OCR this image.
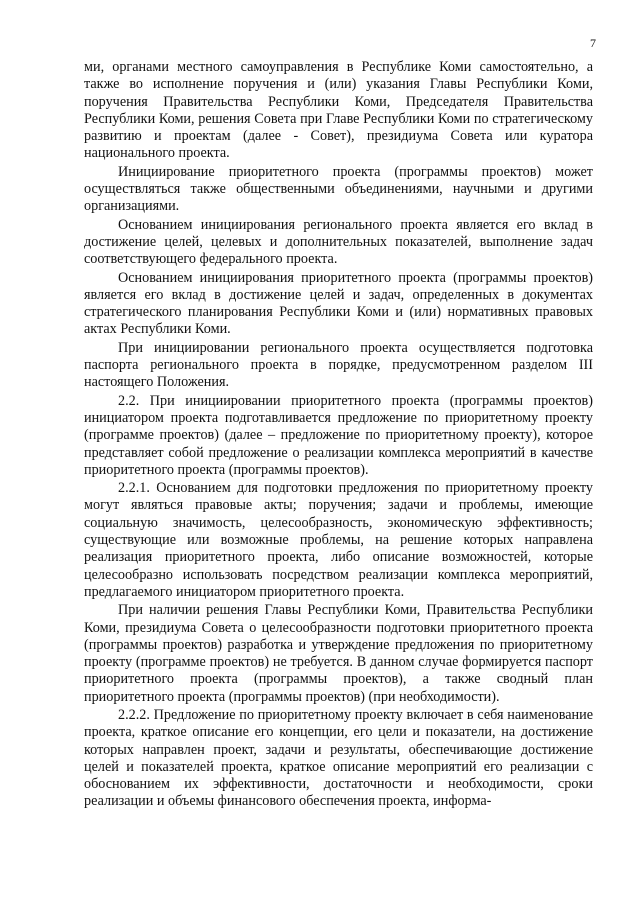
7

ми, органами местного самоуправления в Республике Коми самостоятельно, а также во исполнение поручения и (или) указания Главы Республики Коми, поручения Правительства Республики Коми, Председателя Правительства Республики Коми, решения Совета при Главе Республики Коми по стратегическому развитию и проектам (далее - Совет), президиума Совета или куратора национального проекта.

Инициирование приоритетного проекта (программы проектов) может осуществляться также общественными объединениями, научными и другими организациями.

Основанием инициирования регионального проекта является его вклад в достижение целей, целевых и дополнительных показателей, выполнение задач соответствующего федерального проекта.

Основанием инициирования приоритетного проекта (программы проектов) является его вклад в достижение целей и задач, определенных в документах стратегического планирования Республики Коми и (или) нормативных правовых актах Республики Коми.

При инициировании регионального проекта осуществляется подготовка паспорта регионального проекта в порядке, предусмотренном разделом III настоящего Положения.

2.2. При инициировании приоритетного проекта (программы проектов) инициатором проекта подготавливается предложение по приоритетному проекту (программе проектов) (далее – предложение по приоритетному проекту), которое представляет собой предложение о реализации комплекса мероприятий в качестве приоритетного проекта (программы проектов).

2.2.1. Основанием для подготовки предложения по приоритетному проекту могут являться правовые акты; поручения; задачи и проблемы, имеющие социальную значимость, целесообразность, экономическую эффективность; существующие или возможные проблемы, на решение которых направлена реализация приоритетного проекта, либо описание возможностей, которые целесообразно использовать посредством реализации комплекса мероприятий, предлагаемого инициатором приоритетного проекта.

При наличии решения Главы Республики Коми, Правительства Республики Коми, президиума Совета о целесообразности подготовки приоритетного проекта (программы проектов) разработка и утверждение предложения по приоритетному проекту (программе проектов) не требуется. В данном случае формируется паспорт приоритетного проекта (программы проектов), а также сводный план приоритетного проекта (программы проектов) (при необходимости).

2.2.2. Предложение по приоритетному проекту включает в себя наименование проекта, краткое описание его концепции, его цели и показатели, на достижение которых направлен проект, задачи и результаты, обеспечивающие достижение целей и показателей проекта, краткое описание мероприятий его реализации с обоснованием их эффективности, достаточности и необходимости, сроки реализации и объемы финансового обеспечения проекта, информа-
